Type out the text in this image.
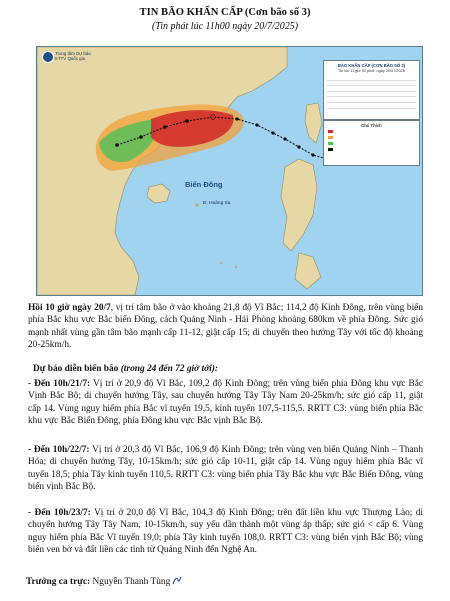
TIN BÃO KHẨN CẤP (Cơn bão số 3)
(Tin phát lúc 11h00 ngày 20/7/2025)
Trung tâm Dự báo
KTTV Quốc gia
Biển Đông
Đ. Hoàng Sa
BẢO KHẨN CẤP (CƠN BÃO SỐ 3)
Tin lúc 11 giờ 00 phút, ngày 20/07/2025
Chú Thích
Hồi 10 giờ ngày 20/7, vị trí tâm bão ở vào khoảng 21,8 độ Vĩ Bắc; 114,2 độ Kinh Đông, trên vùng biển phía Bắc khu vực Bắc biển Đông, cách Quảng Ninh - Hải Phòng khoảng 680km về phía Đông. Sức gió mạnh nhất vùng gần tâm bão mạnh cấp 11-12, giật cấp 15; di chuyển theo hướng Tây với tốc độ khoảng 20-25km/h.
Dự báo diễn biến bão (trong 24 đến 72 giờ tới):
- Đến 10h/21/7: Vị trí ở 20,9 độ Vĩ Bắc, 109,2 độ Kinh Đông; trên vùng biển phía Đông khu vực Bắc Vịnh Bắc Bộ; di chuyển hướng Tây, sau chuyển hướng Tây Tây Nam 20-25km/h; sức gió cấp 11, giật cấp 14. Vùng nguy hiểm phía Bắc vĩ tuyến 19,5, kinh tuyến 107,5-115,5. RRTT C3: vùng biển phía Bắc khu vực Bắc Biển Đông, phía Đông khu vực Bắc vịnh Bắc Bộ.
- Đến 10h/22/7: Vị trí ở 20,3 độ Vĩ Bắc, 106,9 độ Kinh Đông; trên vùng ven biển Quảng Ninh – Thanh Hóa; di chuyển hướng Tây, 10-15km/h; sức gió cấp 10-11, giật cấp 14. Vùng nguy hiểm phía Bắc vĩ tuyến 18,5; phía Tây kinh tuyến 110,5. RRTT C3: vùng biển phía Tây Bắc khu vực Bắc Biển Đông, vùng biển vịnh Bắc Bộ.
- Đến 10h/23/7: Vị trí ở 20,0 độ Vĩ Bắc, 104,3 độ Kinh Đông; trên đất liền khu vực Thượng Lào; di chuyển hướng Tây Tây Nam, 10-15km/h, suy yếu dần thành một vùng áp thấp; sức gió < cấp 6. Vùng nguy hiểm phía Bắc Vĩ tuyến 19,0; phía Tây kinh tuyến 108,0. RRTT C3: vùng biển vịnh Bắc Bộ; vùng biển ven bờ và đất liền các tỉnh từ Quảng Ninh đến Nghệ An.
Trưởng ca trực: Nguyễn Thanh Tùng
